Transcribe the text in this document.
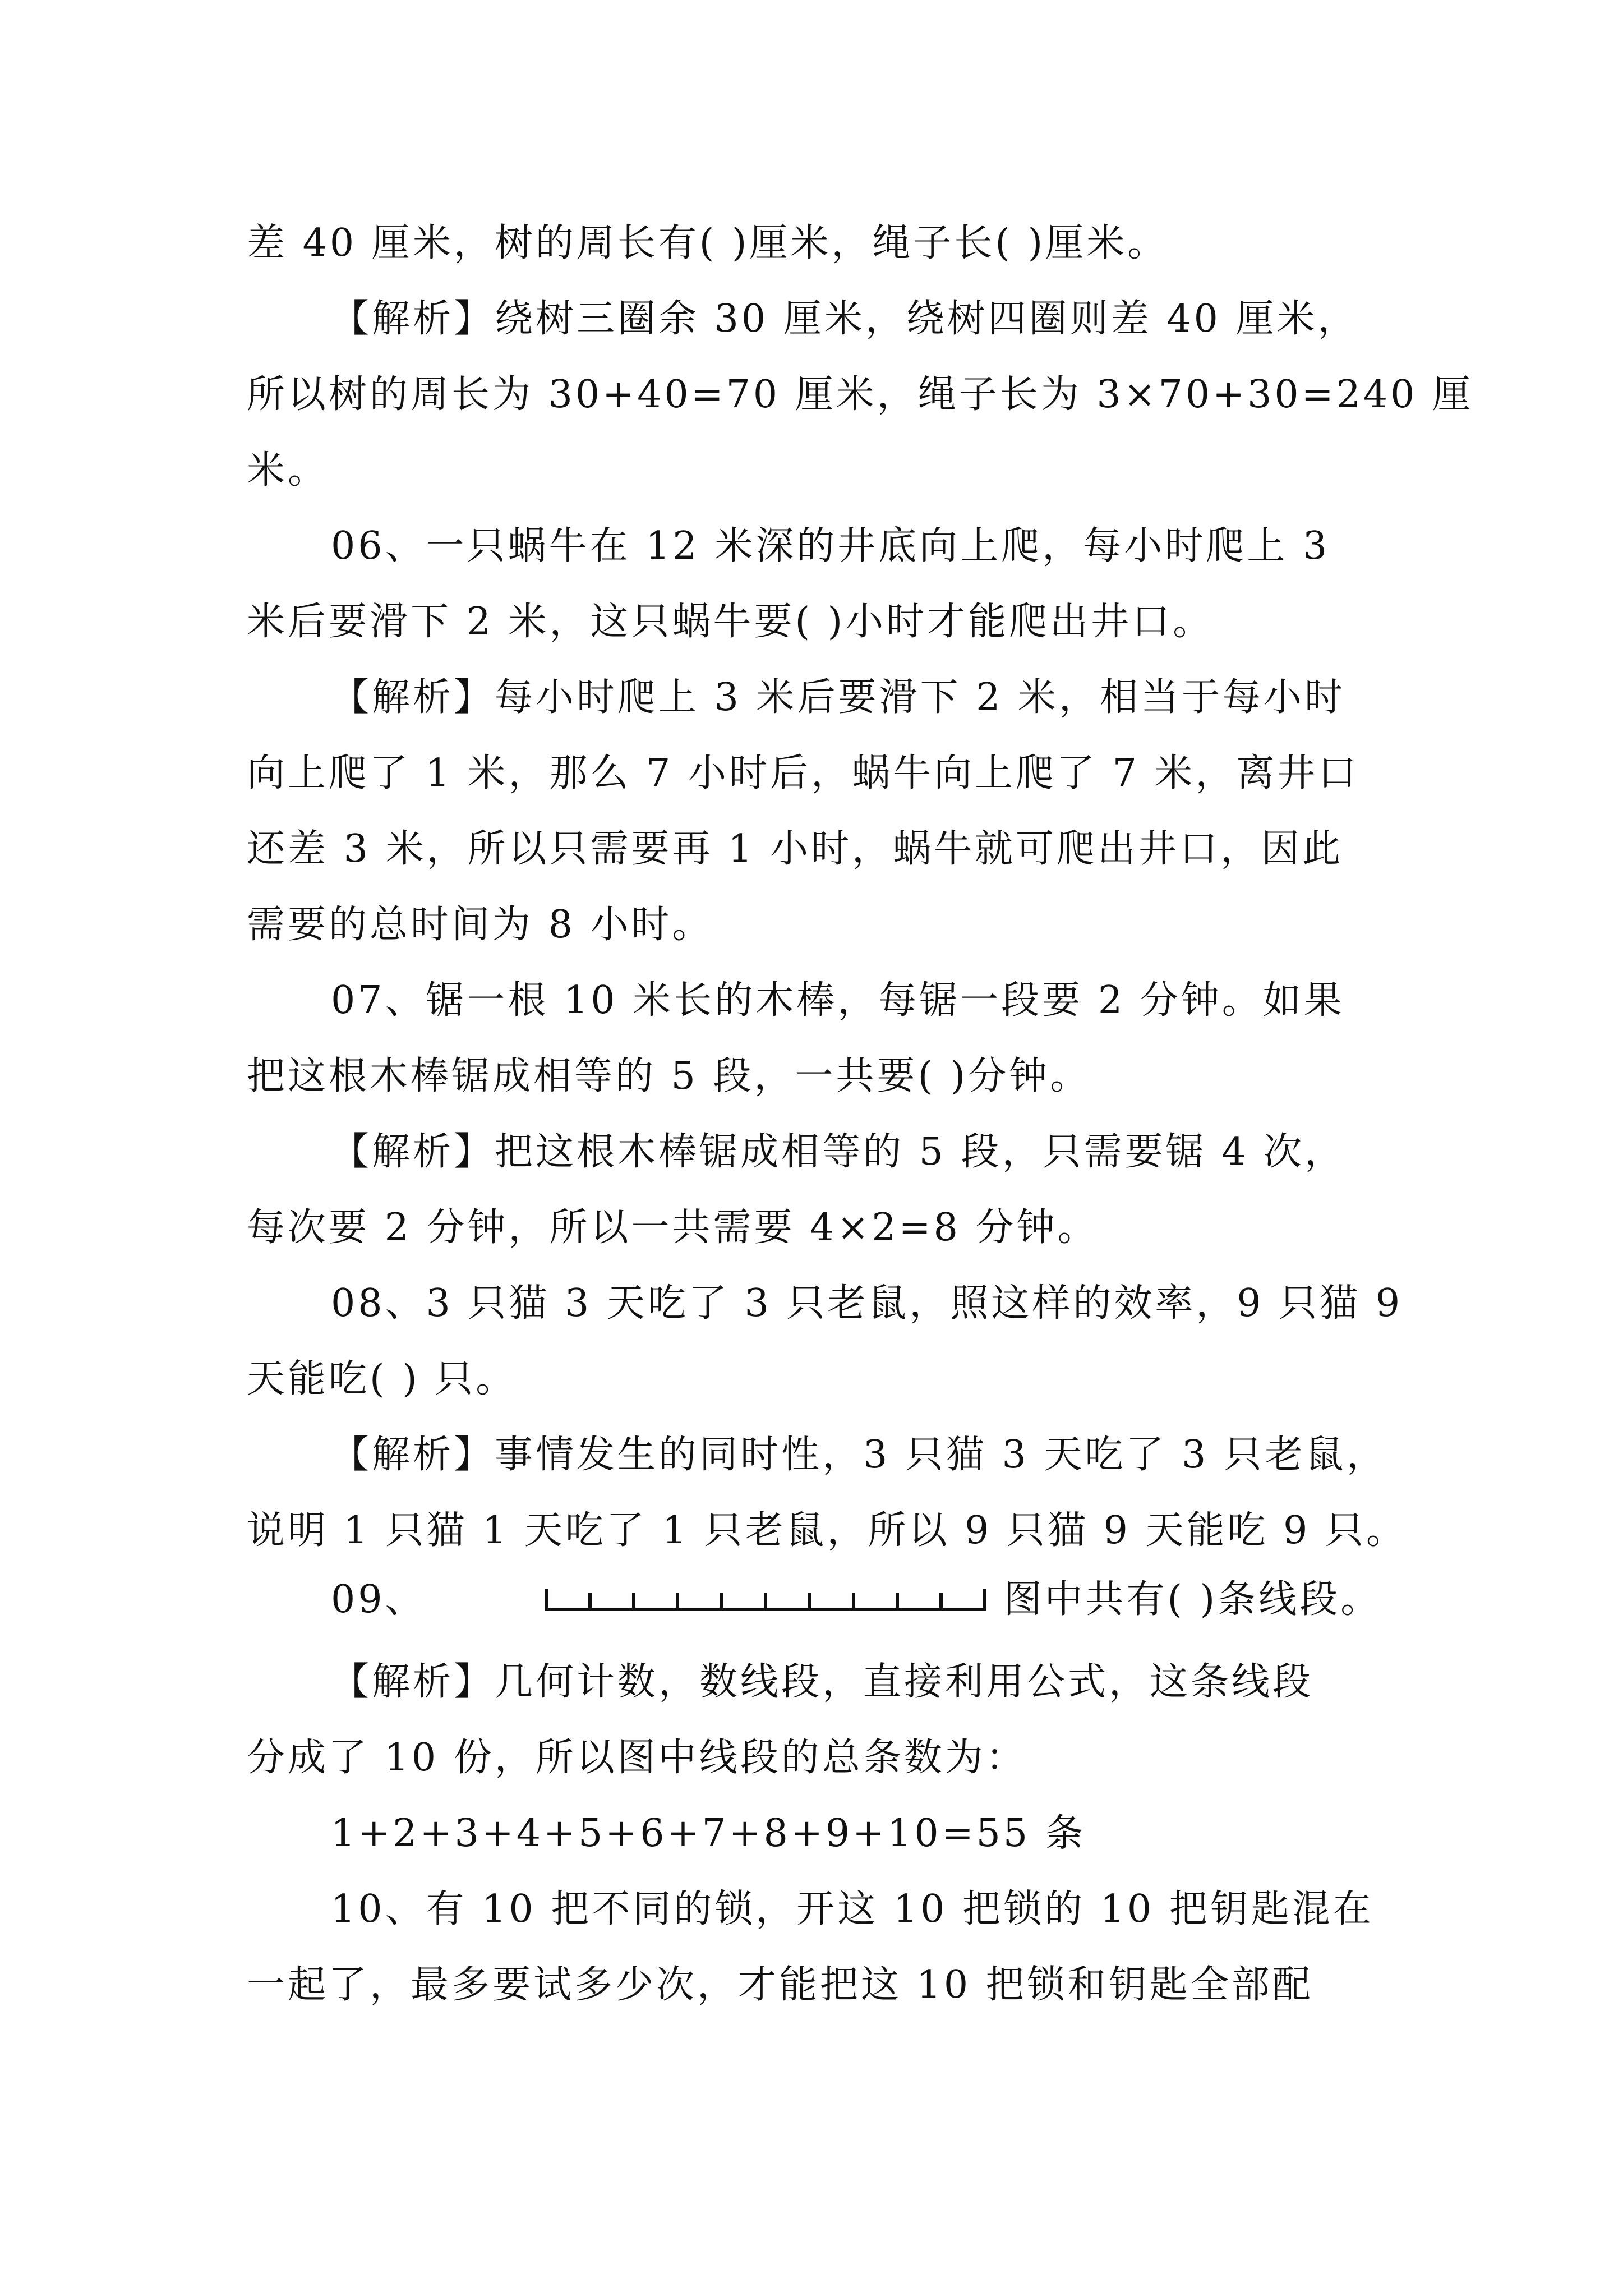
差 40 厘米，树的周长有( )厘米，绳子长( )厘米。
【解析】绕树三圈余 30 厘米，绕树四圈则差 40 厘米，
所以树的周长为 30+40=70 厘米，绳子长为 3×70+30=240 厘
米。
06、一只蜗牛在 12 米深的井底向上爬，每小时爬上 3
米后要滑下 2 米，这只蜗牛要( )小时才能爬出井口。
【解析】每小时爬上 3 米后要滑下 2 米，相当于每小时
向上爬了 1 米，那么 7 小时后，蜗牛向上爬了 7 米，离井口
还差 3 米，所以只需要再 1 小时，蜗牛就可爬出井口，因此
需要的总时间为 8 小时。
07、锯一根 10 米长的木棒，每锯一段要 2 分钟。如果
把这根木棒锯成相等的 5 段，一共要( )分钟。
【解析】把这根木棒锯成相等的 5 段，只需要锯 4 次，
每次要 2 分钟，所以一共需要 4×2=8 分钟。
08、3 只猫 3 天吃了 3 只老鼠，照这样的效率，9 只猫 9
天能吃( ) 只。
【解析】事情发生的同时性，3 只猫 3 天吃了 3 只老鼠，
说明 1 只猫 1 天吃了 1 只老鼠，所以 9 只猫 9 天能吃 9 只。
09、	图中共有( )条线段。
【解析】几何计数，数线段，直接利用公式，这条线段
分成了 10 份，所以图中线段的总条数为：
1+2+3+4+5+6+7+8+9+10=55 条
10、有 10 把不同的锁，开这 10 把锁的 10 把钥匙混在
一起了，最多要试多少次，才能把这 10 把锁和钥匙全部配
